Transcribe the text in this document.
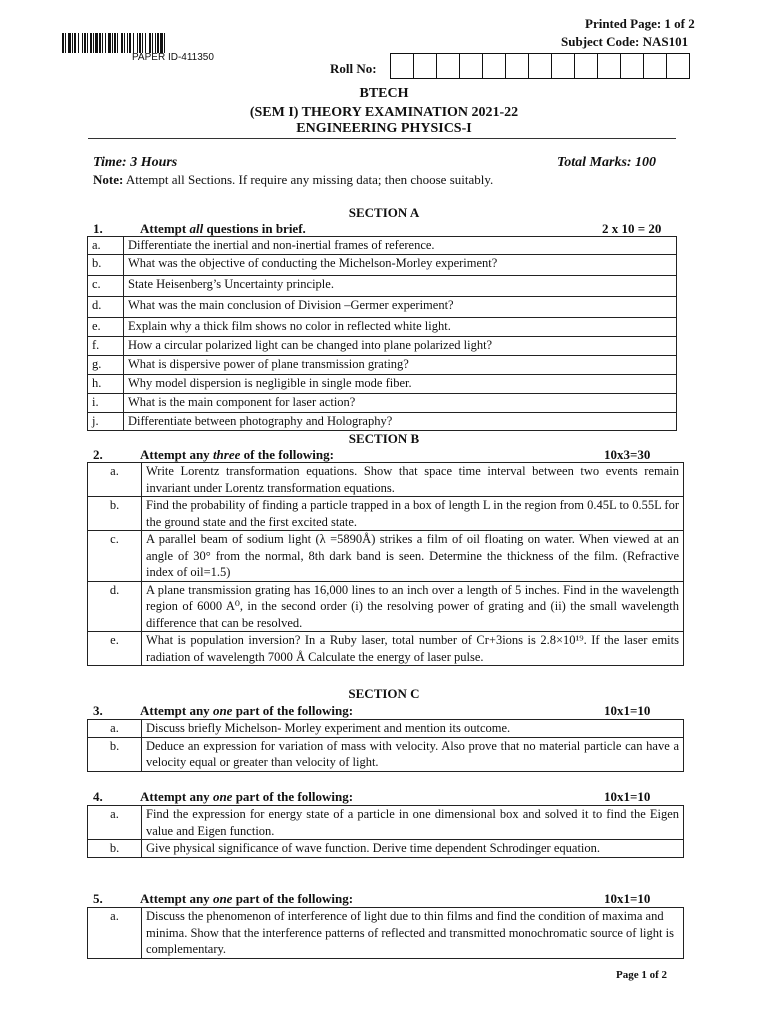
PAPER ID-411350
Printed Page: 1 of 2
Subject Code: NAS101
Roll No:
BTECH
(SEM I) THEORY EXAMINATION 2021-22
ENGINEERING PHYSICS-I
Time: 3 Hours	Total Marks: 100
Note: Attempt all Sections. If require any missing data; then choose suitably.
SECTION A
1.	Attempt all questions in brief.	2 x 10 = 20
a.	Differentiate the inertial and non-inertial frames of reference.
b.	What was the objective of conducting the Michelson-Morley experiment?
c.	State Heisenberg’s Uncertainty principle.
d.	What was the main conclusion of Division –Germer experiment?
e.	Explain why a thick film shows no color in reflected white light.
f.	How a circular polarized light can be changed into plane polarized light?
g.	What is dispersive power of plane transmission grating?
h.	Why model dispersion is negligible in single mode fiber.
i.	What is the main component for laser action?
j.	Differentiate between photography and Holography?
SECTION B
2.	Attempt any three of the following:	10x3=30
a.	Write Lorentz transformation equations. Show that space time interval between two events remain invariant under Lorentz transformation equations.
b.	Find the probability of finding a particle trapped in a box of length L in the region from 0.45L to 0.55L for the ground state and the first excited state.
c.	A parallel beam of sodium light (λ =5890Å) strikes a film of oil floating on water. When viewed at an angle of 30° from the normal, 8th dark band is seen. Determine the thickness of the film. (Refractive index of oil=1.5)
d.	A plane transmission grating has 16,000 lines to an inch over a length of 5 inches. Find in the wavelength region of 6000 A⁰, in the second order (i) the resolving power of grating and (ii) the small wavelength difference that can be resolved.
e.	What is population inversion? In a Ruby laser, total number of Cr+3ions is 2.8×10¹⁹. If the laser emits radiation of wavelength 7000 Å Calculate the energy of laser pulse.
SECTION C
3.	Attempt any one part of the following:	10x1=10
a.	Discuss briefly Michelson- Morley experiment and mention its outcome.
b.	Deduce an expression for variation of mass with velocity. Also prove that no material particle can have a velocity equal or greater than velocity of light.
4.	Attempt any one part of the following:	10x1=10
a.	Find the expression for energy state of a particle in one dimensional box and solved it to find the Eigen value and Eigen function.
b.	Give physical significance of wave function. Derive time dependent Schrodinger equation.
5.	Attempt any one part of the following:	10x1=10
a.	Discuss the phenomenon of interference of light due to thin films and find the condition of maxima and minima. Show that the interference patterns of reflected and transmitted monochromatic source of light is complementary.
Page 1 of 2
